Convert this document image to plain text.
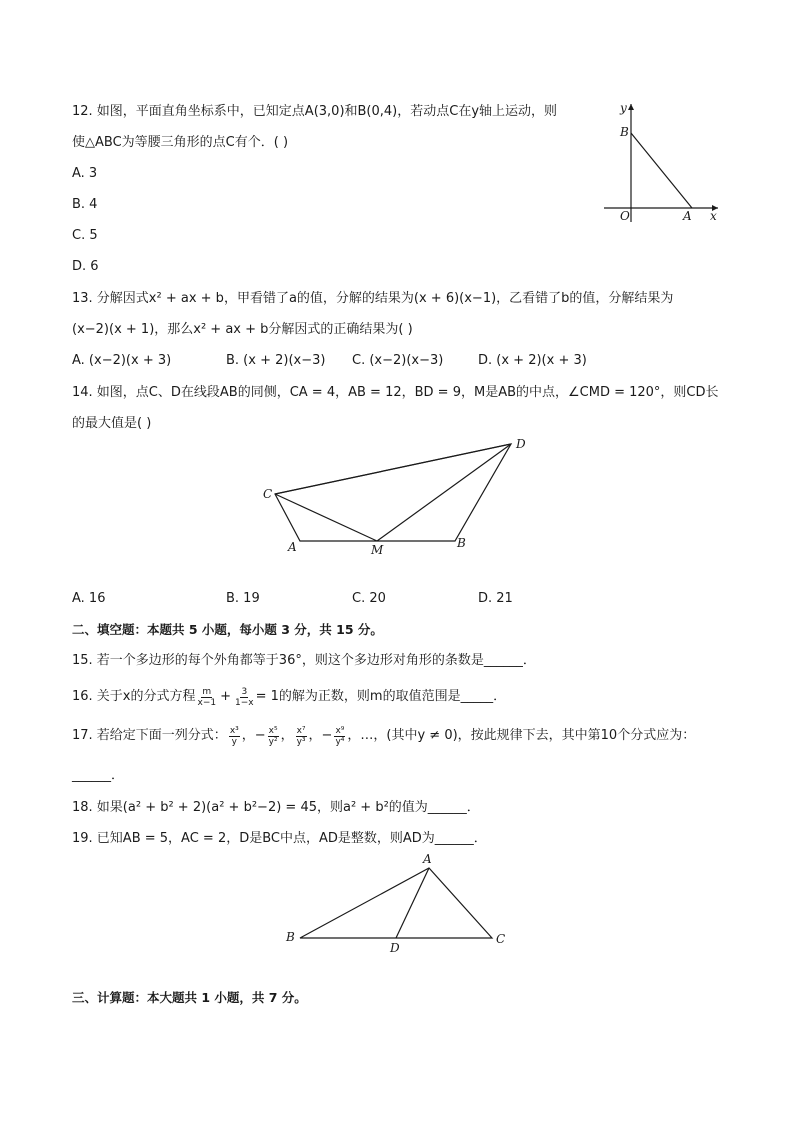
12. 如图，平面直角坐标系中，已知定点A(3,0)和B(0,4)，若动点C在y轴上运动，则
使△ABC为等腰三角形的点C有个．( )
A. 3
B. 4
C. 5
D. 6
y
B
O	A x
13. 分解因式x² + ax + b，甲看错了a的值，分解的结果为(x + 6)(x−1)，乙看错了b的值，分解结果为
(x−2)(x + 1)，那么x² + ax + b分解因式的正确结果为( )
A. (x−2)(x + 3)	B. (x + 2)(x−3) C. (x−2)(x−3)	D. (x + 2)(x + 3)
14. 如图，点C、D在线段AB的同侧，CA = 4，AB = 12，BD = 9，M是AB的中点，∠CMD = 120°，则CD长
的最大值是( )
C
D
A	M	B
A. 16	B. 19	C. 20	D. 21
二、填空题：本题共 5 小题，每小题 3 分，共 15 分。
15. 若一个多边形的每个外角都等于36°，则这个多边形对角形的条数是______．
16. 关于x的分式方程 $\frac{m}{x-1} + \frac{3}{1-x} = 1$的解为正数，则m的取值范围是_____．
17. 若给定下面一列分式： $\frac{\text{x³}}{y}$ ，− $\frac{\text{x⁵}}{\text{y²}}$ ， $\frac{\text{x⁷}}{\text{y³}}$ ，− $\frac{\text{x⁹}}{\text{y⁴}}$ ，…，(其中y ≠ 0)，按此规律下去，其中第10个分式应为：
______．
18. 如果(a² + b² + 2)(a² + b²−2) = 45，则a² + b²的值为______．
19. 已知AB = 5，AC = 2，D是BC中点，AD是整数，则AD为______．
A
B	C
D
三、计算题：本大题共 1 小题，共 7 分。
